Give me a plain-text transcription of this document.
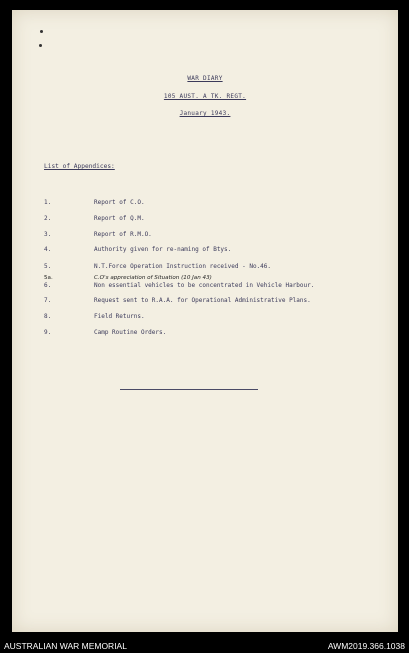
WAR DIARY
105 AUST. A TK. REGT.
January 1943.
List of Appendices:
1.	Report of C.O.
2.	Report of Q.M.
3.	Report of R.M.O.
4.	Authority given for re-naming of Btys.
5.	N.T.Force Operation Instruction received - No.46.
5a.	C.O's appreciation of Situation (10 Jan 43)
6.	Non essential vehicles to be concentrated in Vehicle Harbour.
7.	Request sent to R.A.A. for Operational Administrative Plans.
8.	Field Returns.
9.	Camp Routine Orders.
AUSTRALIAN WAR MEMORIAL	AWM2019.366.1038
